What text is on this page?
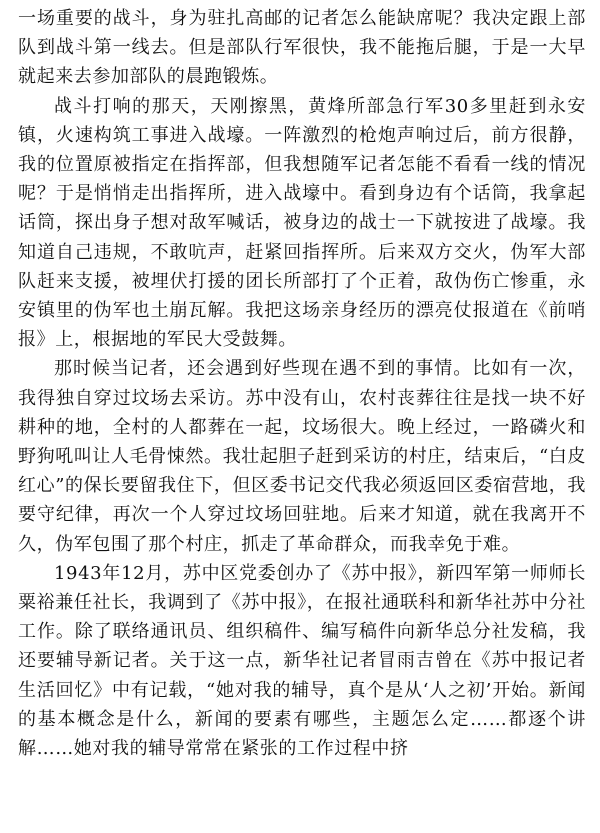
一场重要的战斗，身为驻扎高邮的记者怎么能缺席呢？我决定跟上部队到战斗第一线去。但是部队行军很快，我不能拖后腿，于是一大早就起来去参加部队的晨跑锻炼。

战斗打响的那天，天刚擦黑，黄烽所部急行军30多里赶到永安镇，火速构筑工事进入战壕。一阵激烈的枪炮声响过后，前方很静，我的位置原被指定在指挥部，但我想随军记者怎能不看看一线的情况呢？于是悄悄走出指挥所，进入战壕中。看到身边有个话筒，我拿起话筒，探出身子想对敌军喊话，被身边的战士一下就按进了战壕。我知道自己违规，不敢吭声，赶紧回指挥所。后来双方交火，伪军大部队赶来支援，被埋伏打援的团长所部打了个正着，敌伪伤亡惨重，永安镇里的伪军也土崩瓦解。我把这场亲身经历的漂亮仗报道在《前哨报》上，根据地的军民大受鼓舞。

那时候当记者，还会遇到好些现在遇不到的事情。比如有一次，我得独自穿过坟场去采访。苏中没有山，农村丧葬往往是找一块不好耕种的地，全村的人都葬在一起，坟场很大。晚上经过，一路磷火和野狗吼叫让人毛骨悚然。我壮起胆子赶到采访的村庄，结束后，“白皮红心”的保长要留我住下，但区委书记交代我必须返回区委宿营地，我要守纪律，再次一个人穿过坟场回驻地。后来才知道，就在我离开不久，伪军包围了那个村庄，抓走了革命群众，而我幸免于难。

1943年12月，苏中区党委创办了《苏中报》，新四军第一师师长粟裕兼任社长，我调到了《苏中报》，在报社通联科和新华社苏中分社工作。除了联络通讯员、组织稿件、编写稿件向新华总分社发稿，我还要辅导新记者。关于这一点，新华社记者冒雨吉曾在《苏中报记者生活回忆》中有记载，“她对我的辅导，真个是从‘人之初’开始。新闻的基本概念是什么，新闻的要素有哪些，主题怎么定……都逐个讲解……她对我的辅导常常在紧张的工作过程中挤
